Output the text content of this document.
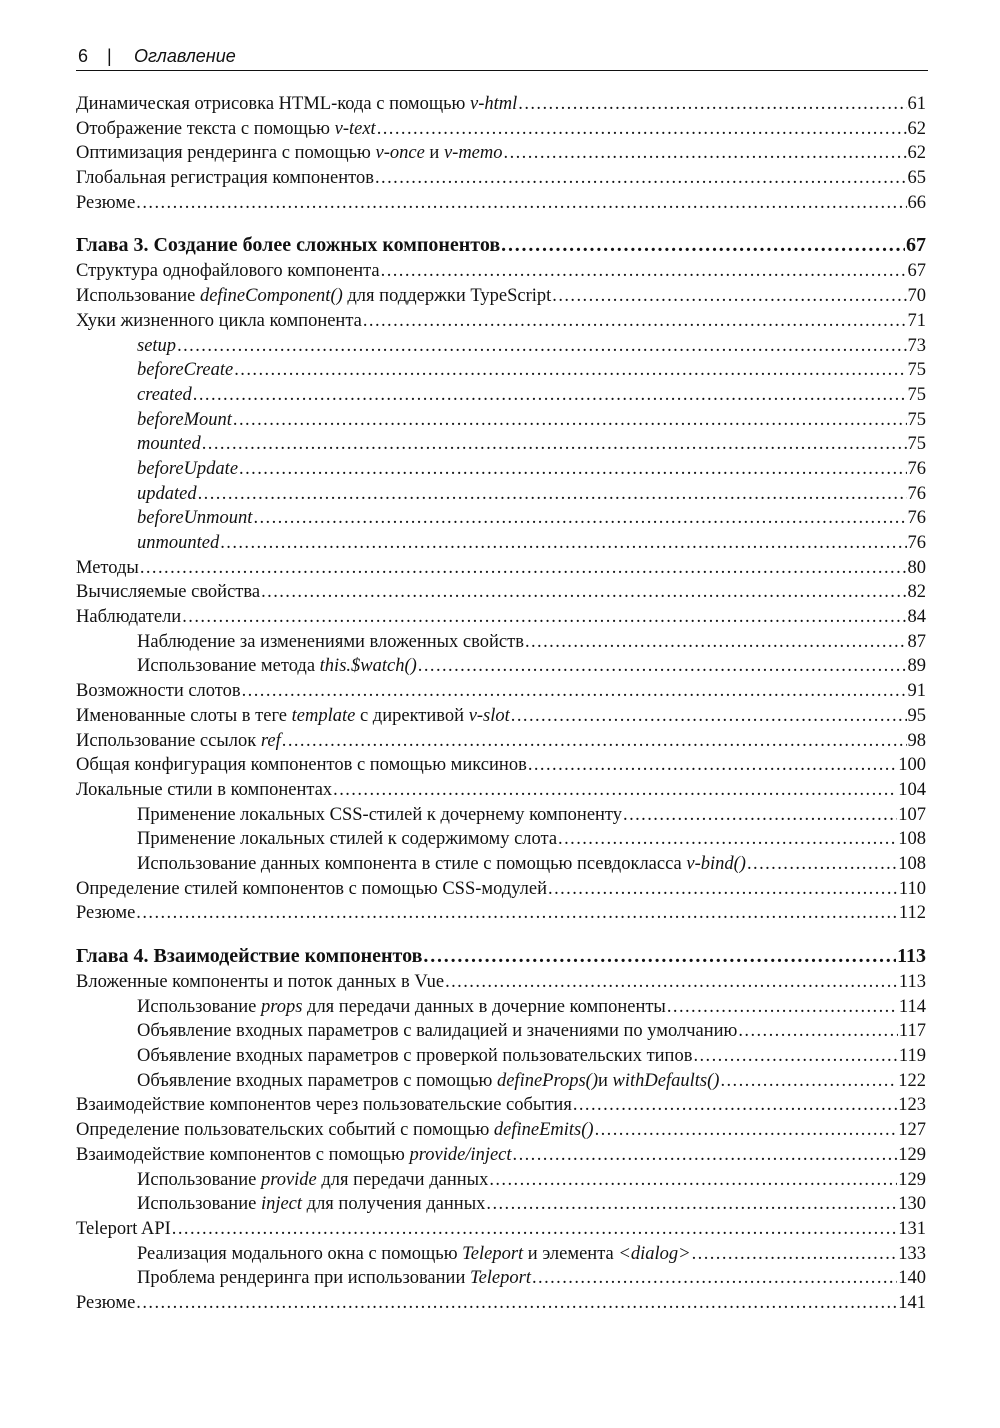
6 | Оглавление
Динамическая отрисовка HTML-кода с помощью v-html . . .	61
Отображение текста с помощью v-text . . .	62
Оптимизация рендеринга с помощью v-once и v-memo . . .	62
Глобальная регистрация компонентов . . .	65
Резюме . . .	66
Глава 3. Создание более сложных компонентов . . .	67
Структура однофайлового компонента . . .	67
Использование defineComponent() для поддержки TypeScript . . .	70
Хуки жизненного цикла компонента . . .	71
setup . . .	73
beforeCreate . . .	75
created . . .	75
beforeMount . . .	75
mounted . . .	75
beforeUpdate . . .	76
updated . . .	76
beforeUnmount . . .	76
unmounted . . .	76
Методы . . .	80
Вычисляемые свойства . . .	82
Наблюдатели . . .	84
Наблюдение за изменениями вложенных свойств . . .	87
Использование метода this.$watch() . . .	89
Возможности слотов . . .	91
Именованные слоты в теге template с директивой v-slot . . .	95
Использование ссылок ref . . .	98
Общая конфигурация компонентов с помощью миксинов . . .	100
Локальные стили в компонентах . . .	104
Применение локальных CSS-стилей к дочернему компоненту . . .	107
Применение локальных стилей к содержимому слота . . .	108
Использование данных компонента в стиле с помощью псевдокласса v-bind() . . .	108
Определение стилей компонентов с помощью CSS-модулей . . .	110
Резюме . . .	112
Глава 4. Взаимодействие компонентов . . .	113
Вложенные компоненты и поток данных в Vue . . .	113
Использование props для передачи данных в дочерние компоненты . . .	114
Объявление входных параметров с валидацией и значениями по умолчанию . . .	117
Объявление входных параметров с проверкой пользовательских типов . . .	119
Объявление входных параметров с помощью defineProps()и withDefaults() . . .	122
Взаимодействие компонентов через пользовательские события . . .	123
Определение пользовательских событий с помощью defineEmits() . . .	127
Взаимодействие компонентов с помощью provide/inject . . .	129
Использование provide для передачи данных . . .	129
Использование inject для получения данных . . .	130
Teleport API . . .	131
Реализация модального окна с помощью Teleport и элемента <dialog> . . .	133
Проблема рендеринга при использовании Teleport . . .	140
Резюме . . .	141
